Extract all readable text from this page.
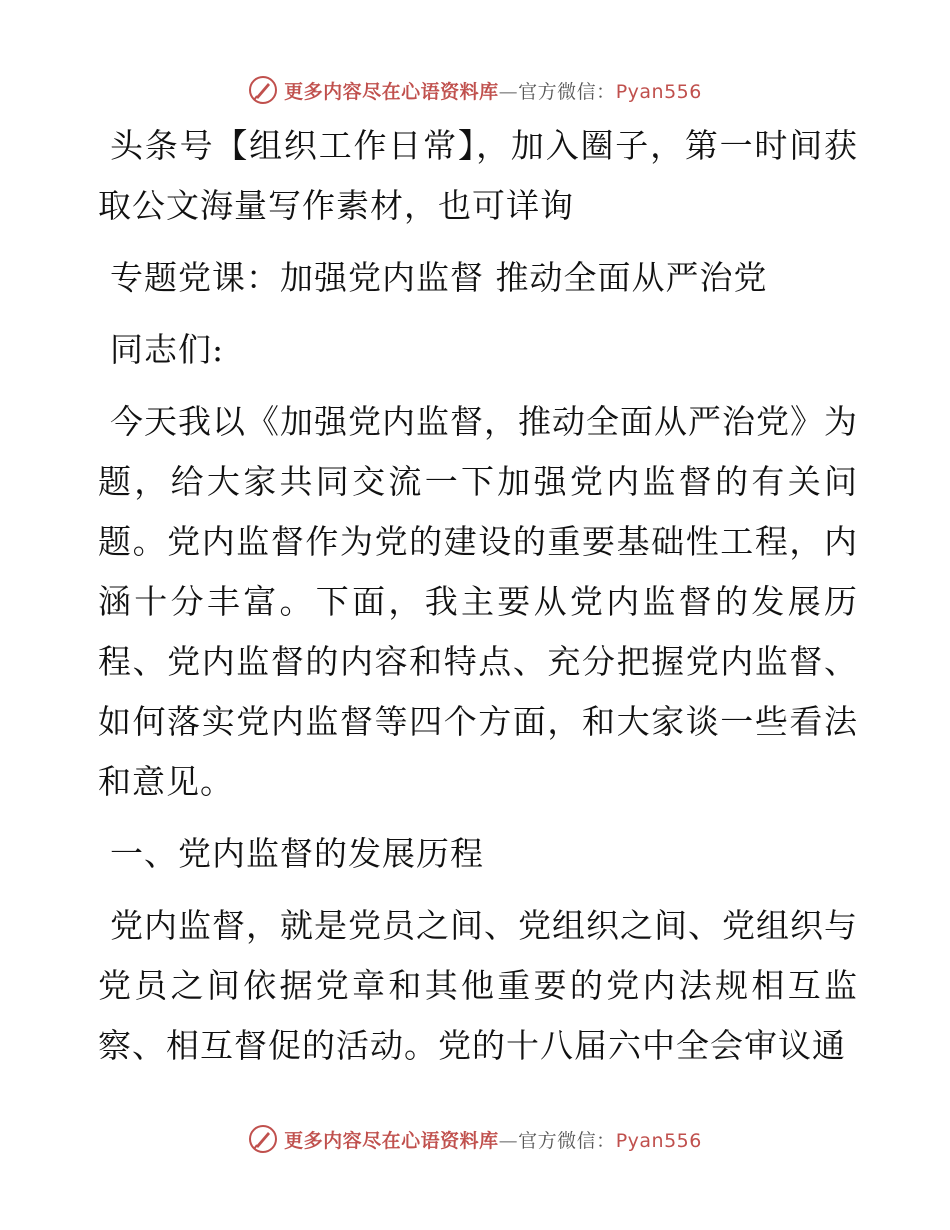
更多内容尽在心语资料库—官方微信：Pyan556

头条号【组织工作日常】，加入圈子，第一时间获取公文海量写作素材，也可详询

专题党课：加强党内监督 推动全面从严治党

同志们:

今天我以《加强党内监督，推动全面从严治党》为题，给大家共同交流一下加强党内监督的有关问题。党内监督作为党的建设的重要基础性工程，内涵十分丰富。下面，我主要从党内监督的发展历程、党内监督的内容和特点、充分把握党内监督、如何落实党内监督等四个方面，和大家谈一些看法和意见。

一、党内监督的发展历程

党内监督，就是党员之间、党组织之间、党组织与党员之间依据党章和其他重要的党内法规相互监察、相互督促的活动。党的十八届六中全会审议通

更多内容尽在心语资料库—官方微信：Pyan556
